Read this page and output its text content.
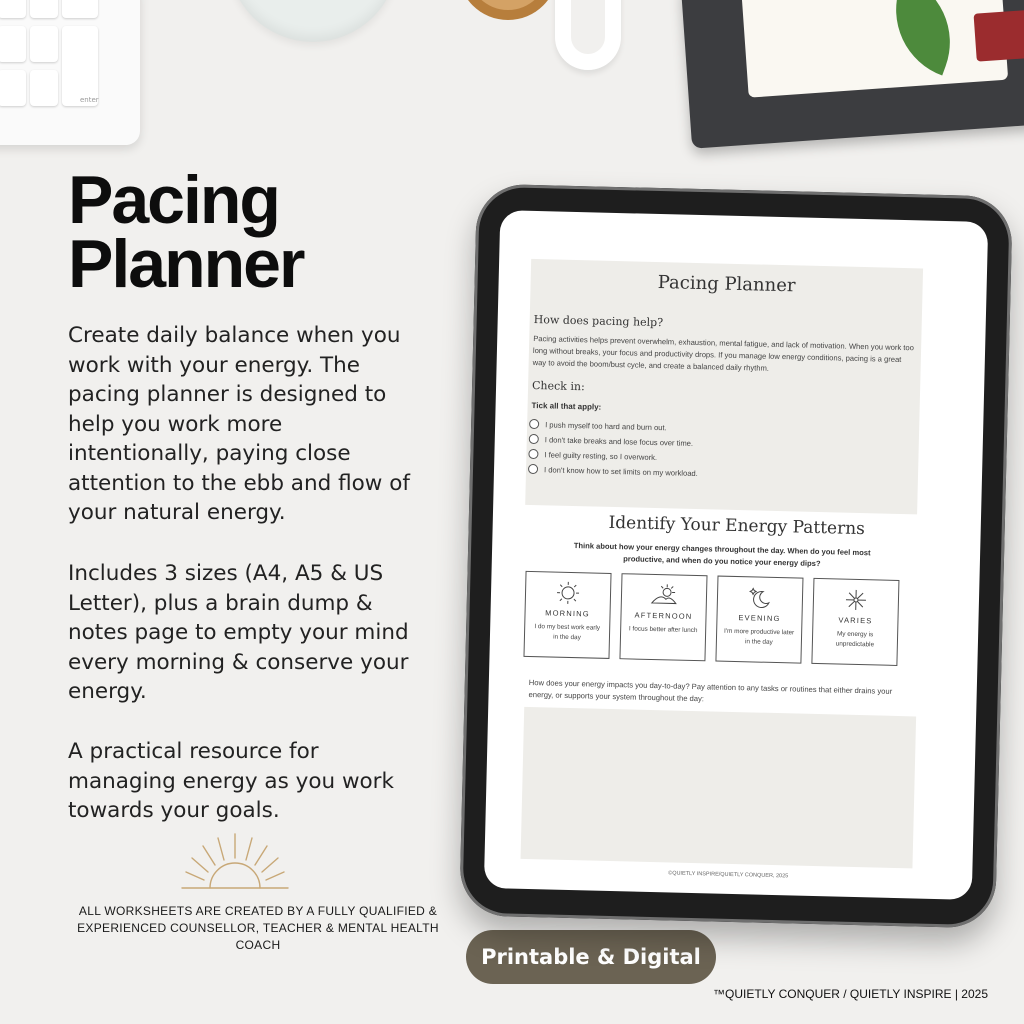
enter
Pacing
Planner

Create daily balance when you work with your energy. The pacing planner is designed to help you work more intentionally, paying close attention to the ebb and flow of your natural energy.

Includes 3 sizes (A4, A5 & US Letter), plus a brain dump & notes page to empty your mind every morning & conserve your energy.

A practical resource for managing energy as you work towards your goals.

ALL WORKSHEETS ARE CREATED BY A FULLY QUALIFIED &
EXPERIENCED COUNSELLOR, TEACHER & MENTAL HEALTH COACH	Printable & Digital
™QUIETLY CONQUER / QUIETLY INSPIRE | 2025
Pacing Planner
How does pacing help?
Pacing activities helps prevent overwhelm, exhaustion, mental fatigue, and lack of motivation. When you work too long without breaks, your focus and productivity drops. If you manage low energy conditions, pacing is a great way to avoid the boom/bust cycle, and create a balanced daily rhythm.
Check in:
Tick all that apply:
I push myself too hard and burn out.
I don't take breaks and lose focus over time.
I feel guilty resting, so I overwork.
I don't know how to set limits on my workload.
Identify Your Energy Patterns
Think about how your energy changes throughout the day. When do you feel most productive, and when do you notice your energy dips?
MORNING
I do my best work early in the day
AFTERNOON
I focus better after lunch
EVENING
I'm more productive later in the day
VARIES
My energy is unpredictable
How does your energy impacts you day-to-day? Pay attention to any tasks or routines that either drains your energy, or supports your system throughout the day:
©QUIETLY INSPIRE/QUIETLY CONQUER, 2025
